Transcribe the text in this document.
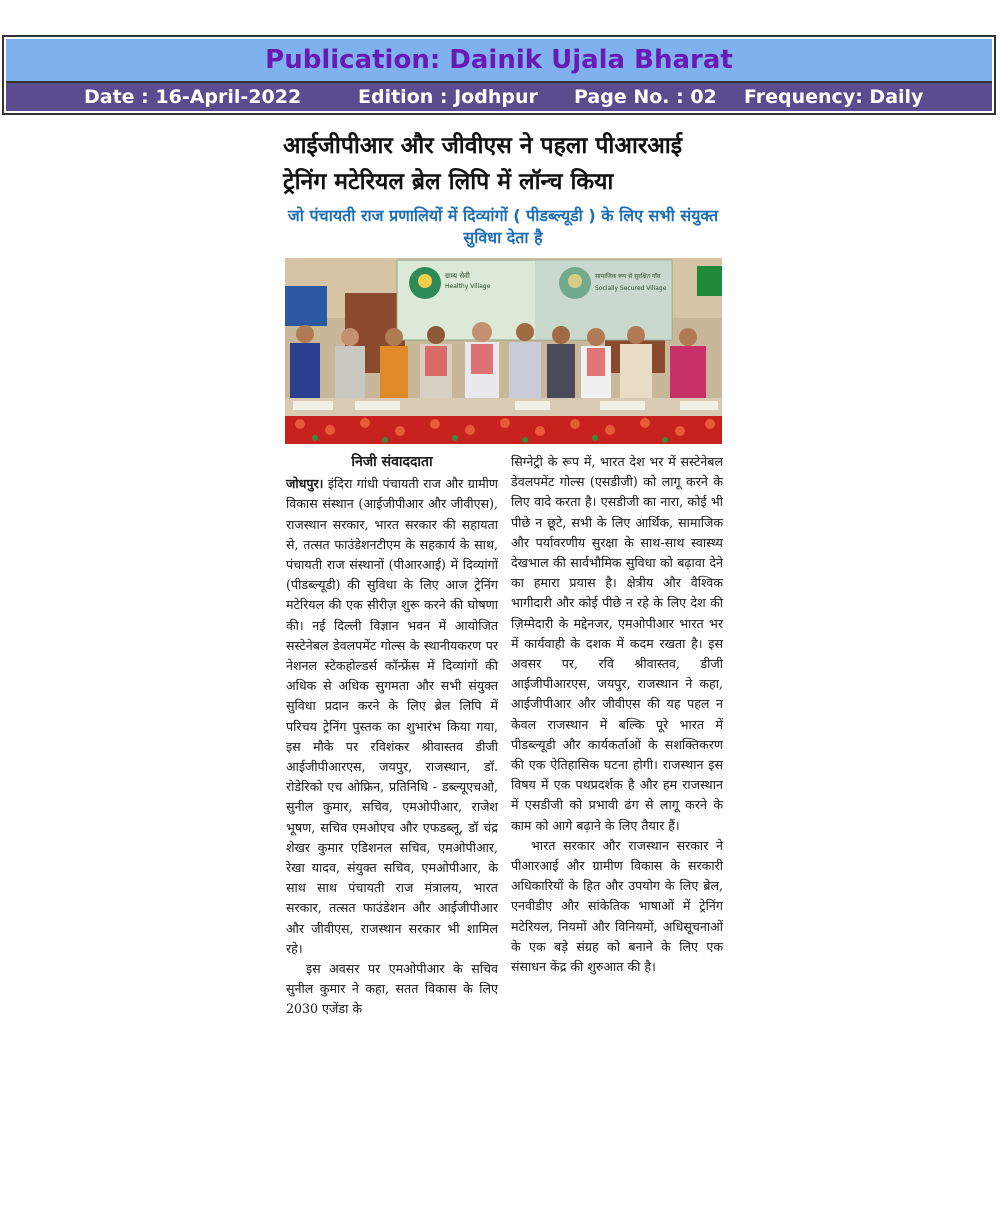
Publication: Dainik Ujala Bharat
Date : 16-April-2022	Edition : Jodhpur Page No. : 02 Frequency: Daily
आईजीपीआर और जीवीएस ने पहला पीआरआई
ट्रेनिंग मटेरियल ब्रेल लिपि में लॉन्च किया
जो पंचायती राज प्रणालियों में दिव्यांगों ( पीडब्ल्यूडी ) के लिए सभी संयुक्त सुविधा देता है
ग्राम्य सेवी
Healthy Village
सामाजिक रूप से सुरक्षित गाँव
Socially Secured Village

निजी संवाददाता

जोधपुर। इंदिरा गांधी पंचायती राज और ग्रामीण विकास संस्थान (आईजीपीआर और जीवीएस), राजस्थान सरकार, भारत सरकार की सहायता से, तत्सत फाउंडेशनटीएम के सहकार्य के साथ, पंचायती राज संस्थानों (पीआरआई) में दिव्यांगों (पीडब्ल्यूडी) की सुविधा के लिए आज ट्रेनिंग मटेरियल की एक सीरीज़ शुरू करने की घोषणा की। नई दिल्ली विज्ञान भवन में आयोजित सस्टेनेबल डेवलपमेंट गोल्स के स्थानीयकरण पर नेशनल स्टेकहोल्डर्स कॉन्फ्रेंस में दिव्यांगों की अधिक से अधिक सुगमता और सभी संयुक्त सुविधा प्रदान करने के लिए ब्रेल लिपि में परिचय ट्रेनिंग पुस्तक का शुभारंभ किया गया, इस मौके पर रविशंकर श्रीवास्तव डीजी आईजीपीआरएस, जयपुर, राजस्थान, डॉ. रोडेरिको एच ओफ्रिन, प्रतिनिधि - डब्ल्यूएचओ, सुनील कुमार, सचिव, एमओपीआर, राजेश भूषण, सचिव एमओएच और एफडब्लू, डॉ चंद्र शेखर कुमार एडिशनल सचिव, एमओपीआर, रेखा यादव, संयुक्त सचिव, एमओपीआर, के साथ साथ पंचायती राज मंत्रालय, भारत सरकार, तत्सत फाउंडेशन और आईजीपीआर और जीवीएस, राजस्थान सरकार भी शामिल रहे।

इस अवसर पर एमओपीआर के सचिव सुनील कुमार ने कहा, सतत विकास के लिए 2030 एजेंडा के

सिग्नेट्री के रूप में, भारत देश भर में सस्टेनेबल डेवलपमेंट गोल्स (एसडीजी) को लागू करने के लिए वादे करता है। एसडीजी का नारा, कोई भी पीछे न छूटे, सभी के लिए आर्थिक, सामाजिक और पर्यावरणीय सुरक्षा के साथ-साथ स्वास्थ्य देखभाल की सार्वभौमिक सुविधा को बढ़ावा देने का हमारा प्रयास है। क्षेत्रीय और वैश्विक भागीदारी और कोई पीछे न रहे के लिए देश की ज़िम्मेदारी के मद्देनजर, एमओपीआर भारत भर में कार्यवाही के दशक में कदम रखता है। इस अवसर पर, रवि श्रीवास्तव, डीजी आईजीपीआरएस, जयपुर, राजस्थान ने कहा, आईजीपीआर और जीवीएस की यह पहल न केवल राजस्थान में बल्कि पूरे भारत में पीडब्ल्यूडी और कार्यकर्ताओं के सशक्तिकरण की एक ऐतिहासिक घटना होगी। राजस्थान इस विषय में एक पथप्रदर्शक है और हम राजस्थान में एसडीजी को प्रभावी ढंग से लागू करने के काम को आगे बढ़ाने के लिए तैयार हैं।

भारत सरकार और राजस्थान सरकार ने पीआरआई और ग्रामीण विकास के सरकारी अधिकारियों के हित और उपयोग के लिए ब्रेल, एनवीडीए और सांकेतिक भाषाओं में ट्रेनिंग मटेरियल, नियमों और विनियमों, अधिसूचनाओं के एक बड़े संग्रह को बनाने के लिए एक संसाधन केंद्र की शुरुआत की है।
